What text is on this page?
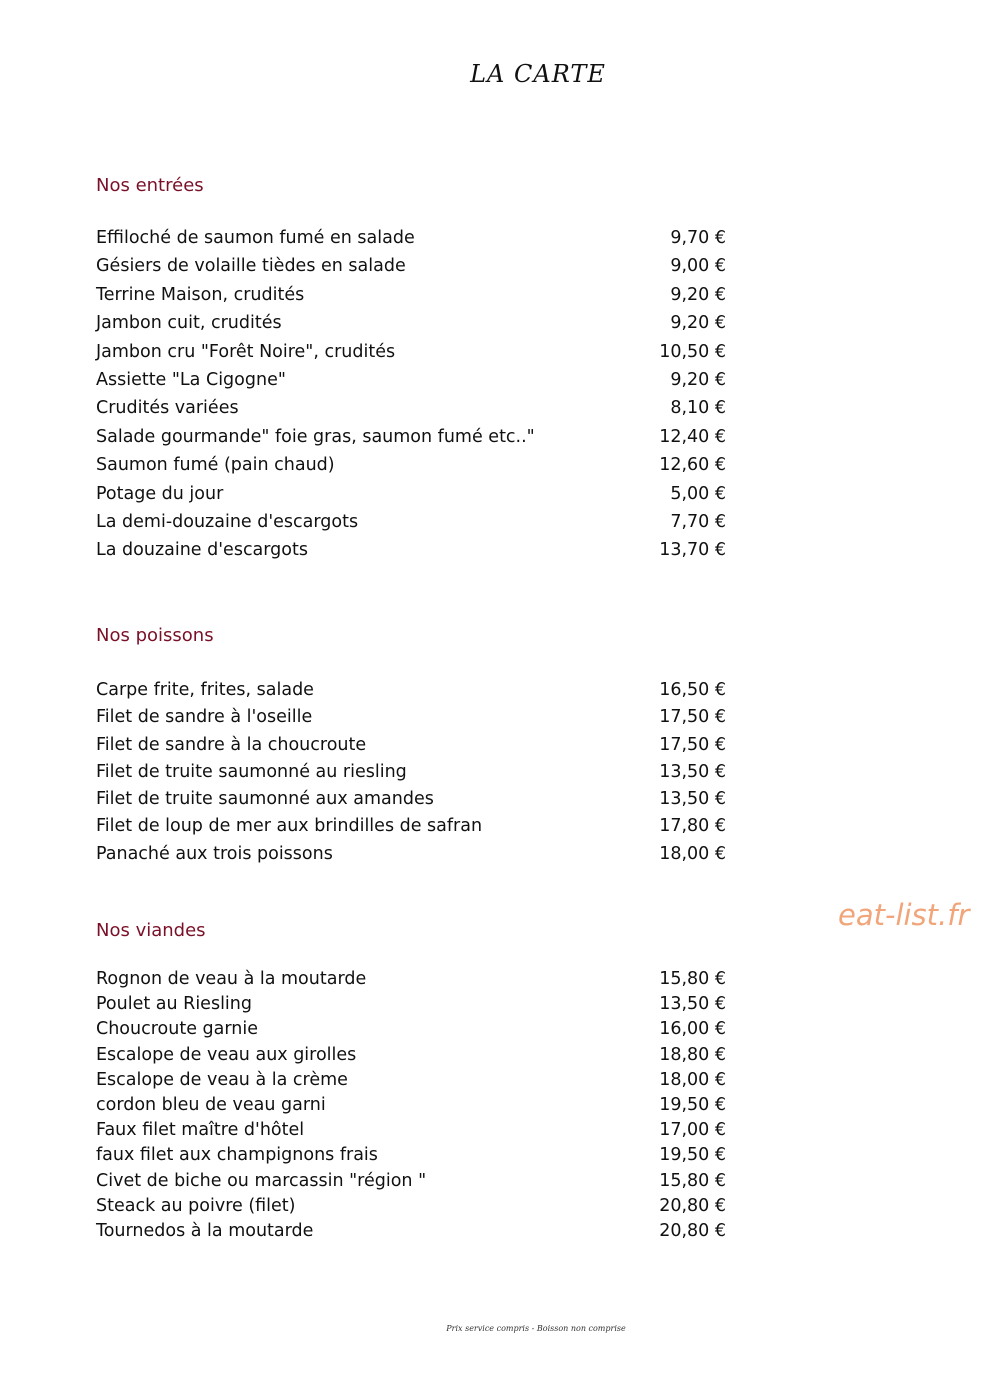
LA CARTE
Nos entrées
Effiloché de saumon fumé en salade	9,70 €
Gésiers de volaille tièdes en salade	9,00 €
Terrine Maison, crudités	9,20 €
Jambon cuit, crudités	9,20 €
Jambon cru "Forêt Noire", crudités	10,50 €
Assiette "La Cigogne"	9,20 €
Crudités variées	8,10 €
Salade gourmande" foie gras, saumon fumé etc.."	12,40 €
Saumon fumé (pain chaud)	12,60 €
Potage du jour	5,00 €
La demi-douzaine d'escargots	7,70 €
La douzaine d'escargots	13,70 €
Nos poissons
Carpe frite, frites, salade	16,50 €
Filet de sandre à l'oseille	17,50 €
Filet de sandre à la choucroute	17,50 €
Filet de truite saumonné au riesling	13,50 €
Filet de truite saumonné aux amandes	13,50 €
Filet de loup de mer aux brindilles de safran	17,80 €
Panaché aux trois poissons	18,00 €
Nos viandes
Rognon de veau à la moutarde	15,80 €
Poulet au Riesling	13,50 €
Choucroute garnie	16,00 €
Escalope de veau aux girolles	18,80 €
Escalope de veau à la crème	18,00 €
cordon bleu de veau garni	19,50 €
Faux filet maître d'hôtel	17,00 €
faux filet aux champignons frais	19,50 €
Civet de biche ou marcassin "région "	15,80 €
Steack au poivre (filet)	20,80 €
Tournedos à la moutarde	20,80 €
eat-list.fr
Prix service compris - Boisson non comprise
